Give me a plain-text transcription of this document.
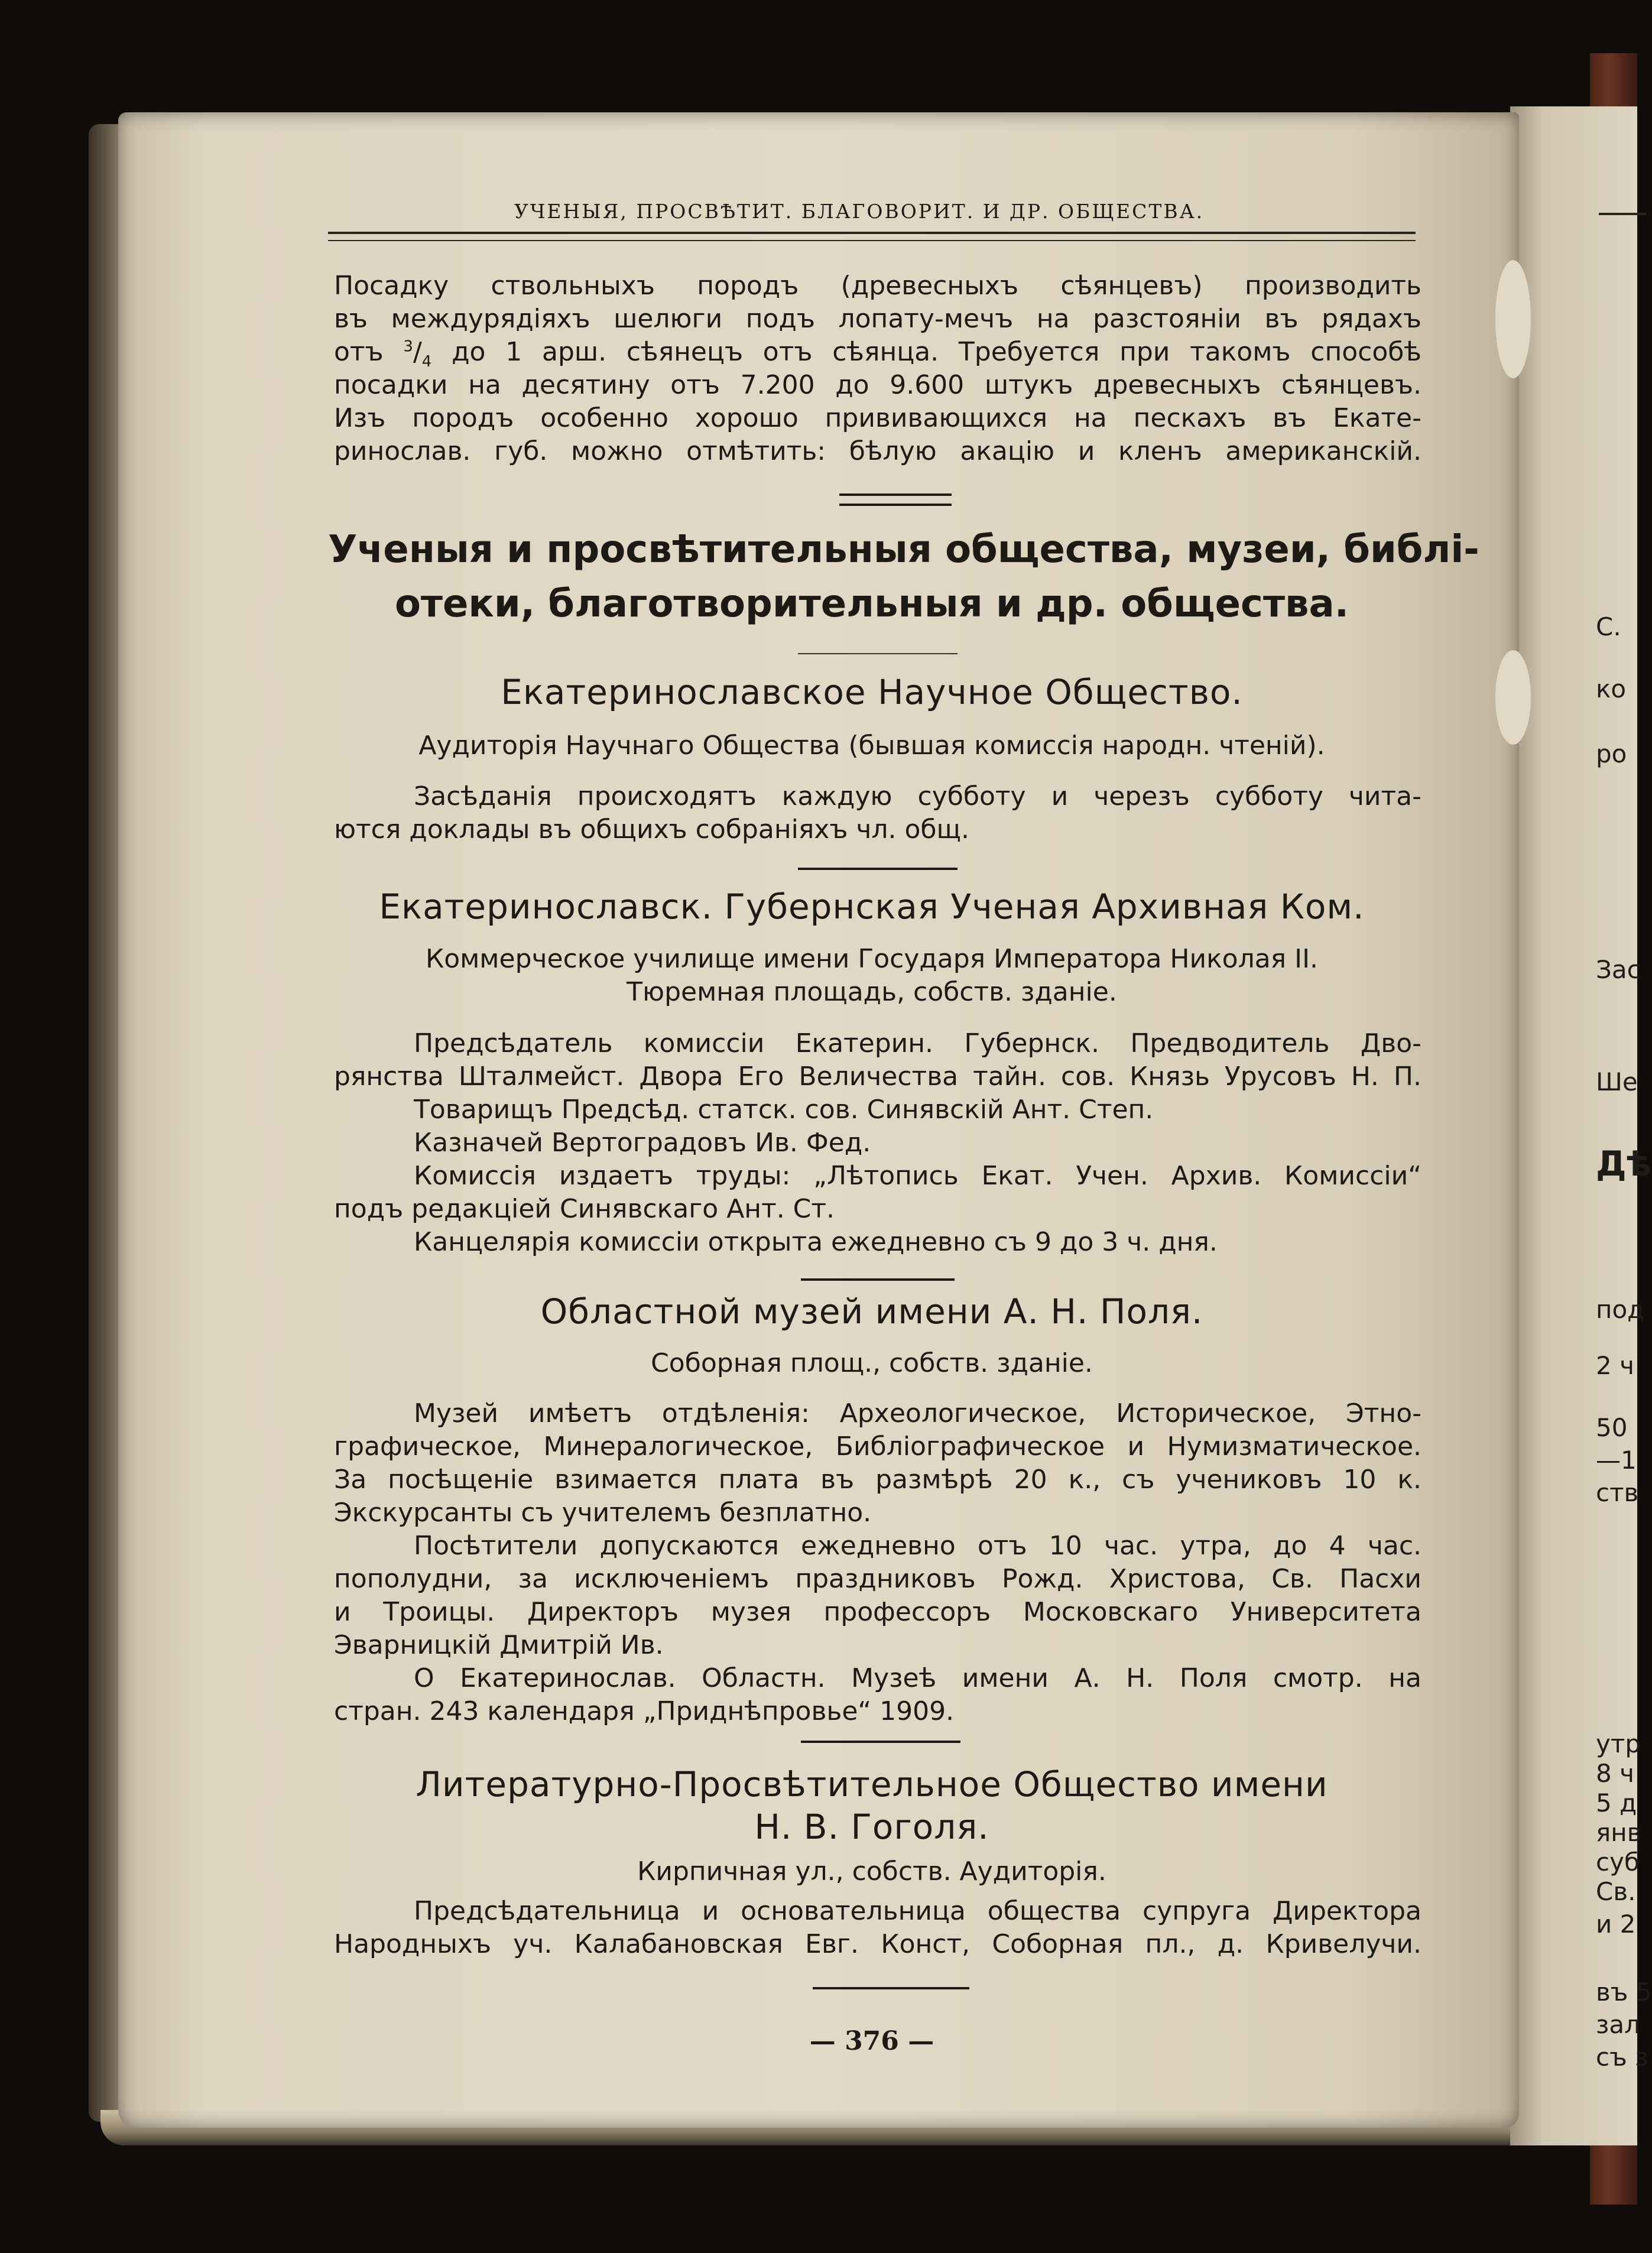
С.
ко
ро
Зас
Ше
Дѣ
под
2 ч
50
—1
ств
утр
8 ч
5 д
янв
суб
Св.
и 2
въ 5
зал
съ з
УЧЕНЫЯ, ПРОСВѢТИТ. БЛАГОВОРИТ. И ДР. ОБЩЕСТВА.
Посадку ствольныхъ породъ (древесныхъ сѣянцевъ) производить
въ междурядіяхъ шелюги подъ лопату-мечъ на разстояніи въ рядахъ
отъ $^3/_4$ до 1 арш. сѣянецъ отъ сѣянца. Требуется при такомъ способѣ
посадки на десятину отъ 7.200 до 9.600 штукъ древесныхъ сѣянцевъ.
Изъ породъ особенно хорошо прививающихся на пескахъ въ Екате-
ринослав. губ. можно отмѣтить: бѣлую акацію и кленъ американскій.
Ученыя и просвѣтительныя общества, музеи, библі-
отеки, благотворительныя и др. общества.
Екатеринославское Научное Общество.
Аудиторія Научнаго Общества (бывшая комиссія народн. чтеній).
Засѣданія происходятъ каждую субботу и черезъ субботу чита-
ются доклады въ общихъ собраніяхъ чл. общ.
Екатеринославск. Губернская Ученая Архивная Ком.
Коммерческое училище имени Государя Императора Николая II.
Тюремная площадь, собств. зданіе.
Предсѣдатель комиссіи Екатерин. Губернск. Предводитель Дво-
рянства Шталмейст. Двора Его Величества тайн. сов. Князь Урусовъ Н. П.
Товарищъ Предсѣд. статск. сов. Синявскій Ант. Степ.
Казначей Вертоградовъ Ив. Фед.
Комиссія издаетъ труды: „Лѣтопись Екат. Учен. Архив. Комиссіи“
подъ редакціей Синявскаго Ант. Ст.
Канцелярія комиссіи открыта ежедневно съ 9 до 3 ч. дня.
Областной музей имени А. Н. Поля.
Соборная площ., собств. зданіе.
Музей имѣетъ отдѣленія: Археологическое, Историческое, Этно-
графическое, Минералогическое, Библіографическое и Нумизматическое.
За посѣщеніе взимается плата въ размѣрѣ 20 к., съ учениковъ 10 к.
Экскурсанты съ учителемъ безплатно.
Посѣтители допускаются ежедневно отъ 10 час. утра, до 4 час.
пополудни, за исключеніемъ праздниковъ Рожд. Христова, Св. Пасхи
и Троицы. Директоръ музея профессоръ Московскаго Университета
Эварницкій Дмитрій Ив.
О Екатеринослав. Областн. Музеѣ имени А. Н. Поля смотр. на
стран. 243 календаря „Приднѣпровье“ 1909.
Литературно-Просвѣтительное Общество имени
Н. В. Гоголя.
Кирпичная ул., собств. Аудиторія.
Предсѣдательница и основательница общества супруга Директора
Народныхъ уч. Калабановская Евг. Конст, Соборная пл., д. Кривелучи.
— 376 —
